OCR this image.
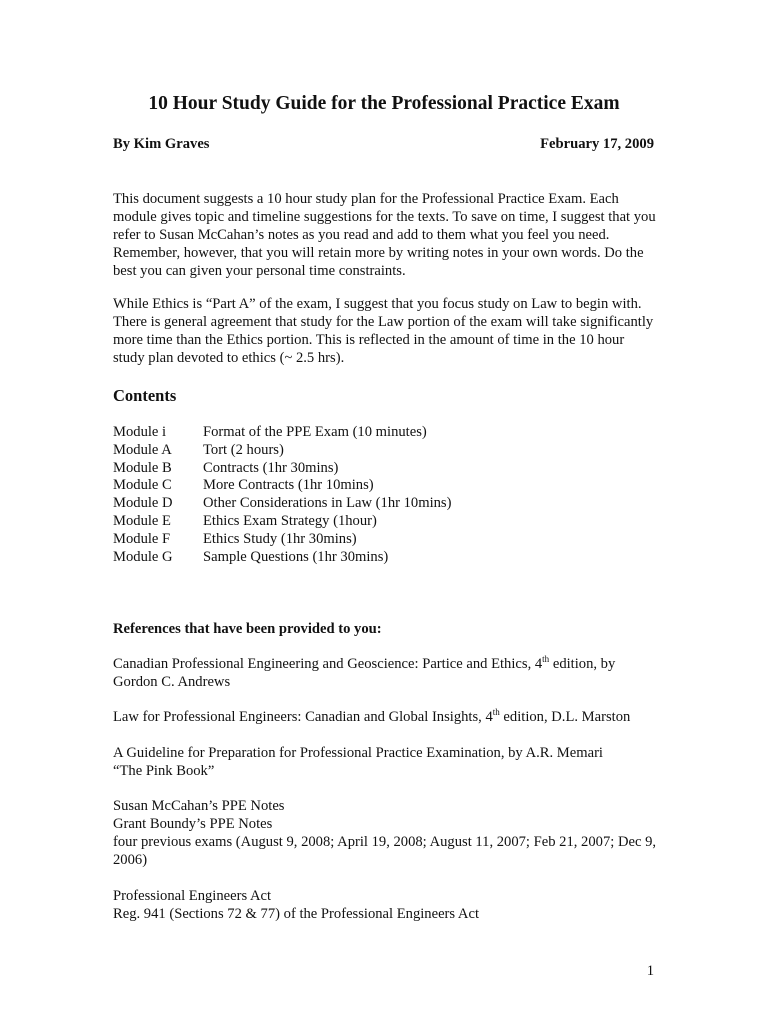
10 Hour Study Guide for the Professional Practice Exam
By Kim Graves	February 17, 2009

This document suggests a 10 hour study plan for the Professional Practice Exam. Each module gives topic and timeline suggestions for the texts. To save on time, I suggest that you refer to Susan McCahan’s notes as you read and add to them what you feel you need. Remember, however, that you will retain more by writing notes in your own words. Do the best you can given your personal time constraints.

While Ethics is “Part A” of the exam, I suggest that you focus study on Law to begin with. There is general agreement that study for the Law portion of the exam will take significantly more time than the Ethics portion. This is reflected in the amount of time in the 10 hour study plan devoted to ethics (~ 2.5 hrs).

Contents
Module i	Format of the PPE Exam (10 minutes)
Module A	Tort (2 hours)
Module B	Contracts (1hr 30mins)
Module C	More Contracts (1hr 10mins)
Module D	Other Considerations in Law (1hr 10mins)
Module E	Ethics Exam Strategy (1hour)
Module F	Ethics Study (1hr 30mins)
Module G	Sample Questions (1hr 30mins)

References that have been provided to you:

Canadian Professional Engineering and Geoscience: Partice and Ethics, 4th edition, by Gordon C. Andrews

Law for Professional Engineers: Canadian and Global Insights, 4th edition, D.L. Marston

A Guideline for Preparation for Professional Practice Examination, by A.R. Memari
“The Pink Book”
Susan McCahan’s PPE Notes
Grant Boundy’s PPE Notes
four previous exams (August 9, 2008; April 19, 2008; August 11, 2007; Feb 21, 2007; Dec 9, 2006)
Professional Engineers Act
Reg. 941 (Sections 72 & 77) of the Professional Engineers Act
1
